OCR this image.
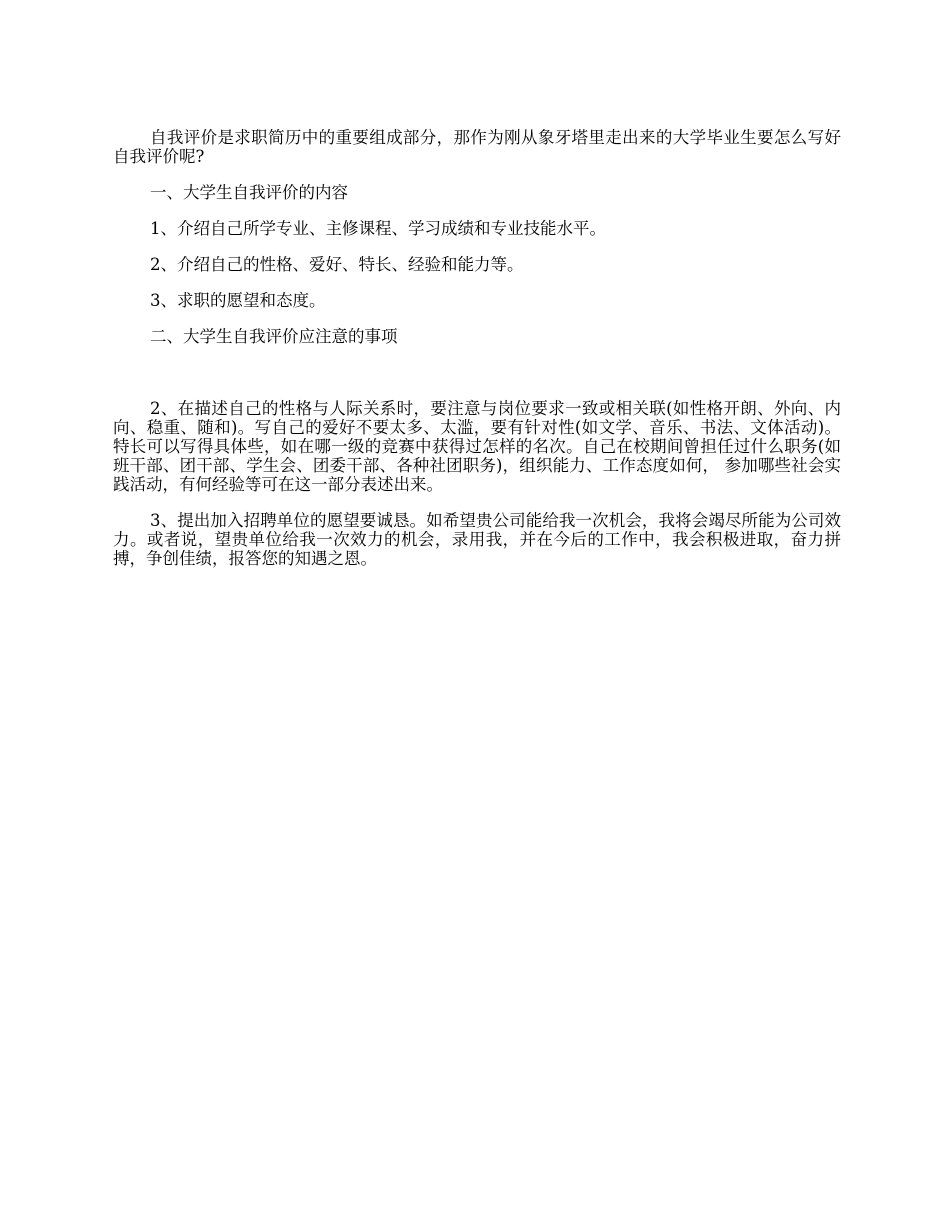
自我评价是求职简历中的重要组成部分，那作为刚从象牙塔里走出来的大学毕业生要怎么写好自我评价呢?

一、大学生自我评价的内容

1、介绍自己所学专业、主修课程、学习成绩和专业技能水平。

2、介绍自己的性格、爱好、特长、经验和能力等。

3、求职的愿望和态度。

二、大学生自我评价应注意的事项

2、在描述自己的性格与人际关系时，要注意与岗位要求一致或相关联(如性格开朗、外向、内向、稳重、随和)。写自己的爱好不要太多、太滥，要有针对性(如文学、音乐、书法、文体活动)。特长可以写得具体些，如在哪一级的竞赛中获得过怎样的名次。自己在校期间曾担任过什么职务(如班干部、团干部、学生会、团委干部、各种社团职务)，组织能力、工作态度如何， 参加哪些社会实践活动，有何经验等可在这一部分表述出来。

3、提出加入招聘单位的愿望要诚恳。如希望贵公司能给我一次机会，我将会竭尽所能为公司效力。或者说，望贵单位给我一次效力的机会，录用我，并在今后的工作中，我会积极进取，奋力拼搏，争创佳绩，报答您的知遇之恩。
